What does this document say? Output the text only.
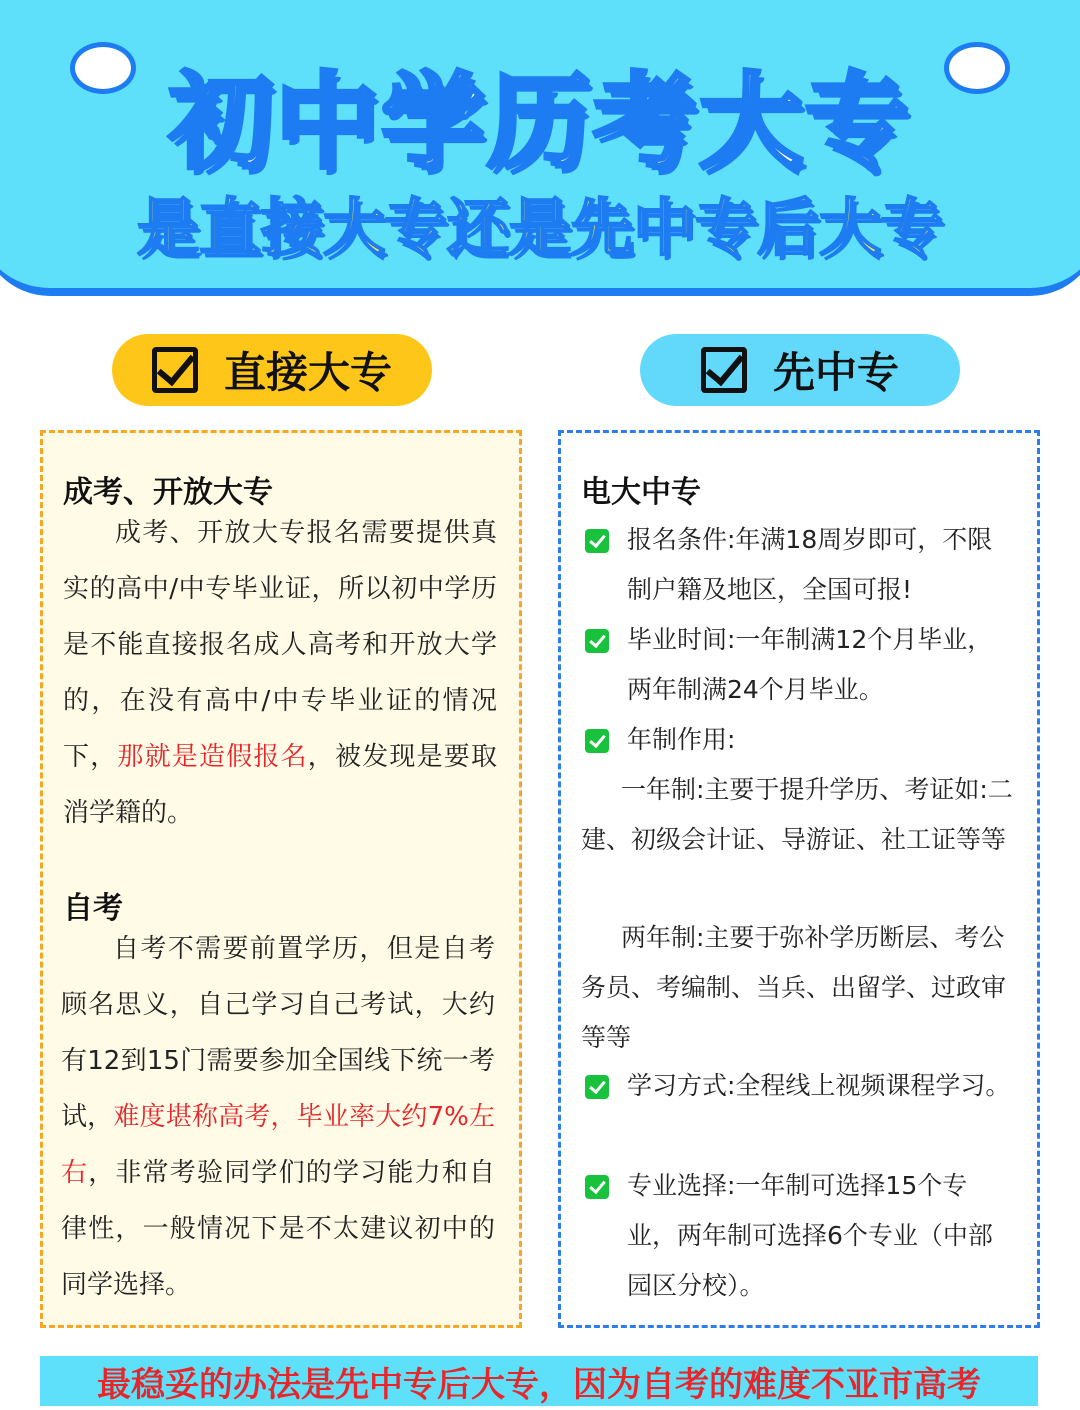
初中学历考大专
是直接大专还是先中专后大专
直接大专	先中专
成考、开放大专
成考、开放大专报名需要提供真实的高中/中专毕业证，所以初中学历是不能直接报名成人高考和开放大学的，在没有高中/中专毕业证的情况下，那就是造假报名，被发现是要取消学籍的。
自考
自考不需要前置学历，但是自考顾名思义，自己学习自己考试，大约有12到15门需要参加全国线下统一考试，难度堪称高考，毕业率大约7%左右，非常考验同学们的学习能力和自律性，一般情况下是不太建议初中的同学选择。
电大中专
报名条件:年满18周岁即可，不限制户籍及地区，全国可报!
毕业时间:一年制满12个月毕业，两年制满24个月毕业。
年制作用:
一年制:主要于提升学历、考证如:二建、初级会计证、导游证、社工证等等
两年制:主要于弥补学历断层、考公务员、考编制、当兵、出留学、过政审等等
学习方式:全程线上视频课程学习。
专业选择:一年制可选择15个专业，两年制可选择6个专业（中部园区分校）。
最稳妥的办法是先中专后大专，因为自考的难度不亚市高考
